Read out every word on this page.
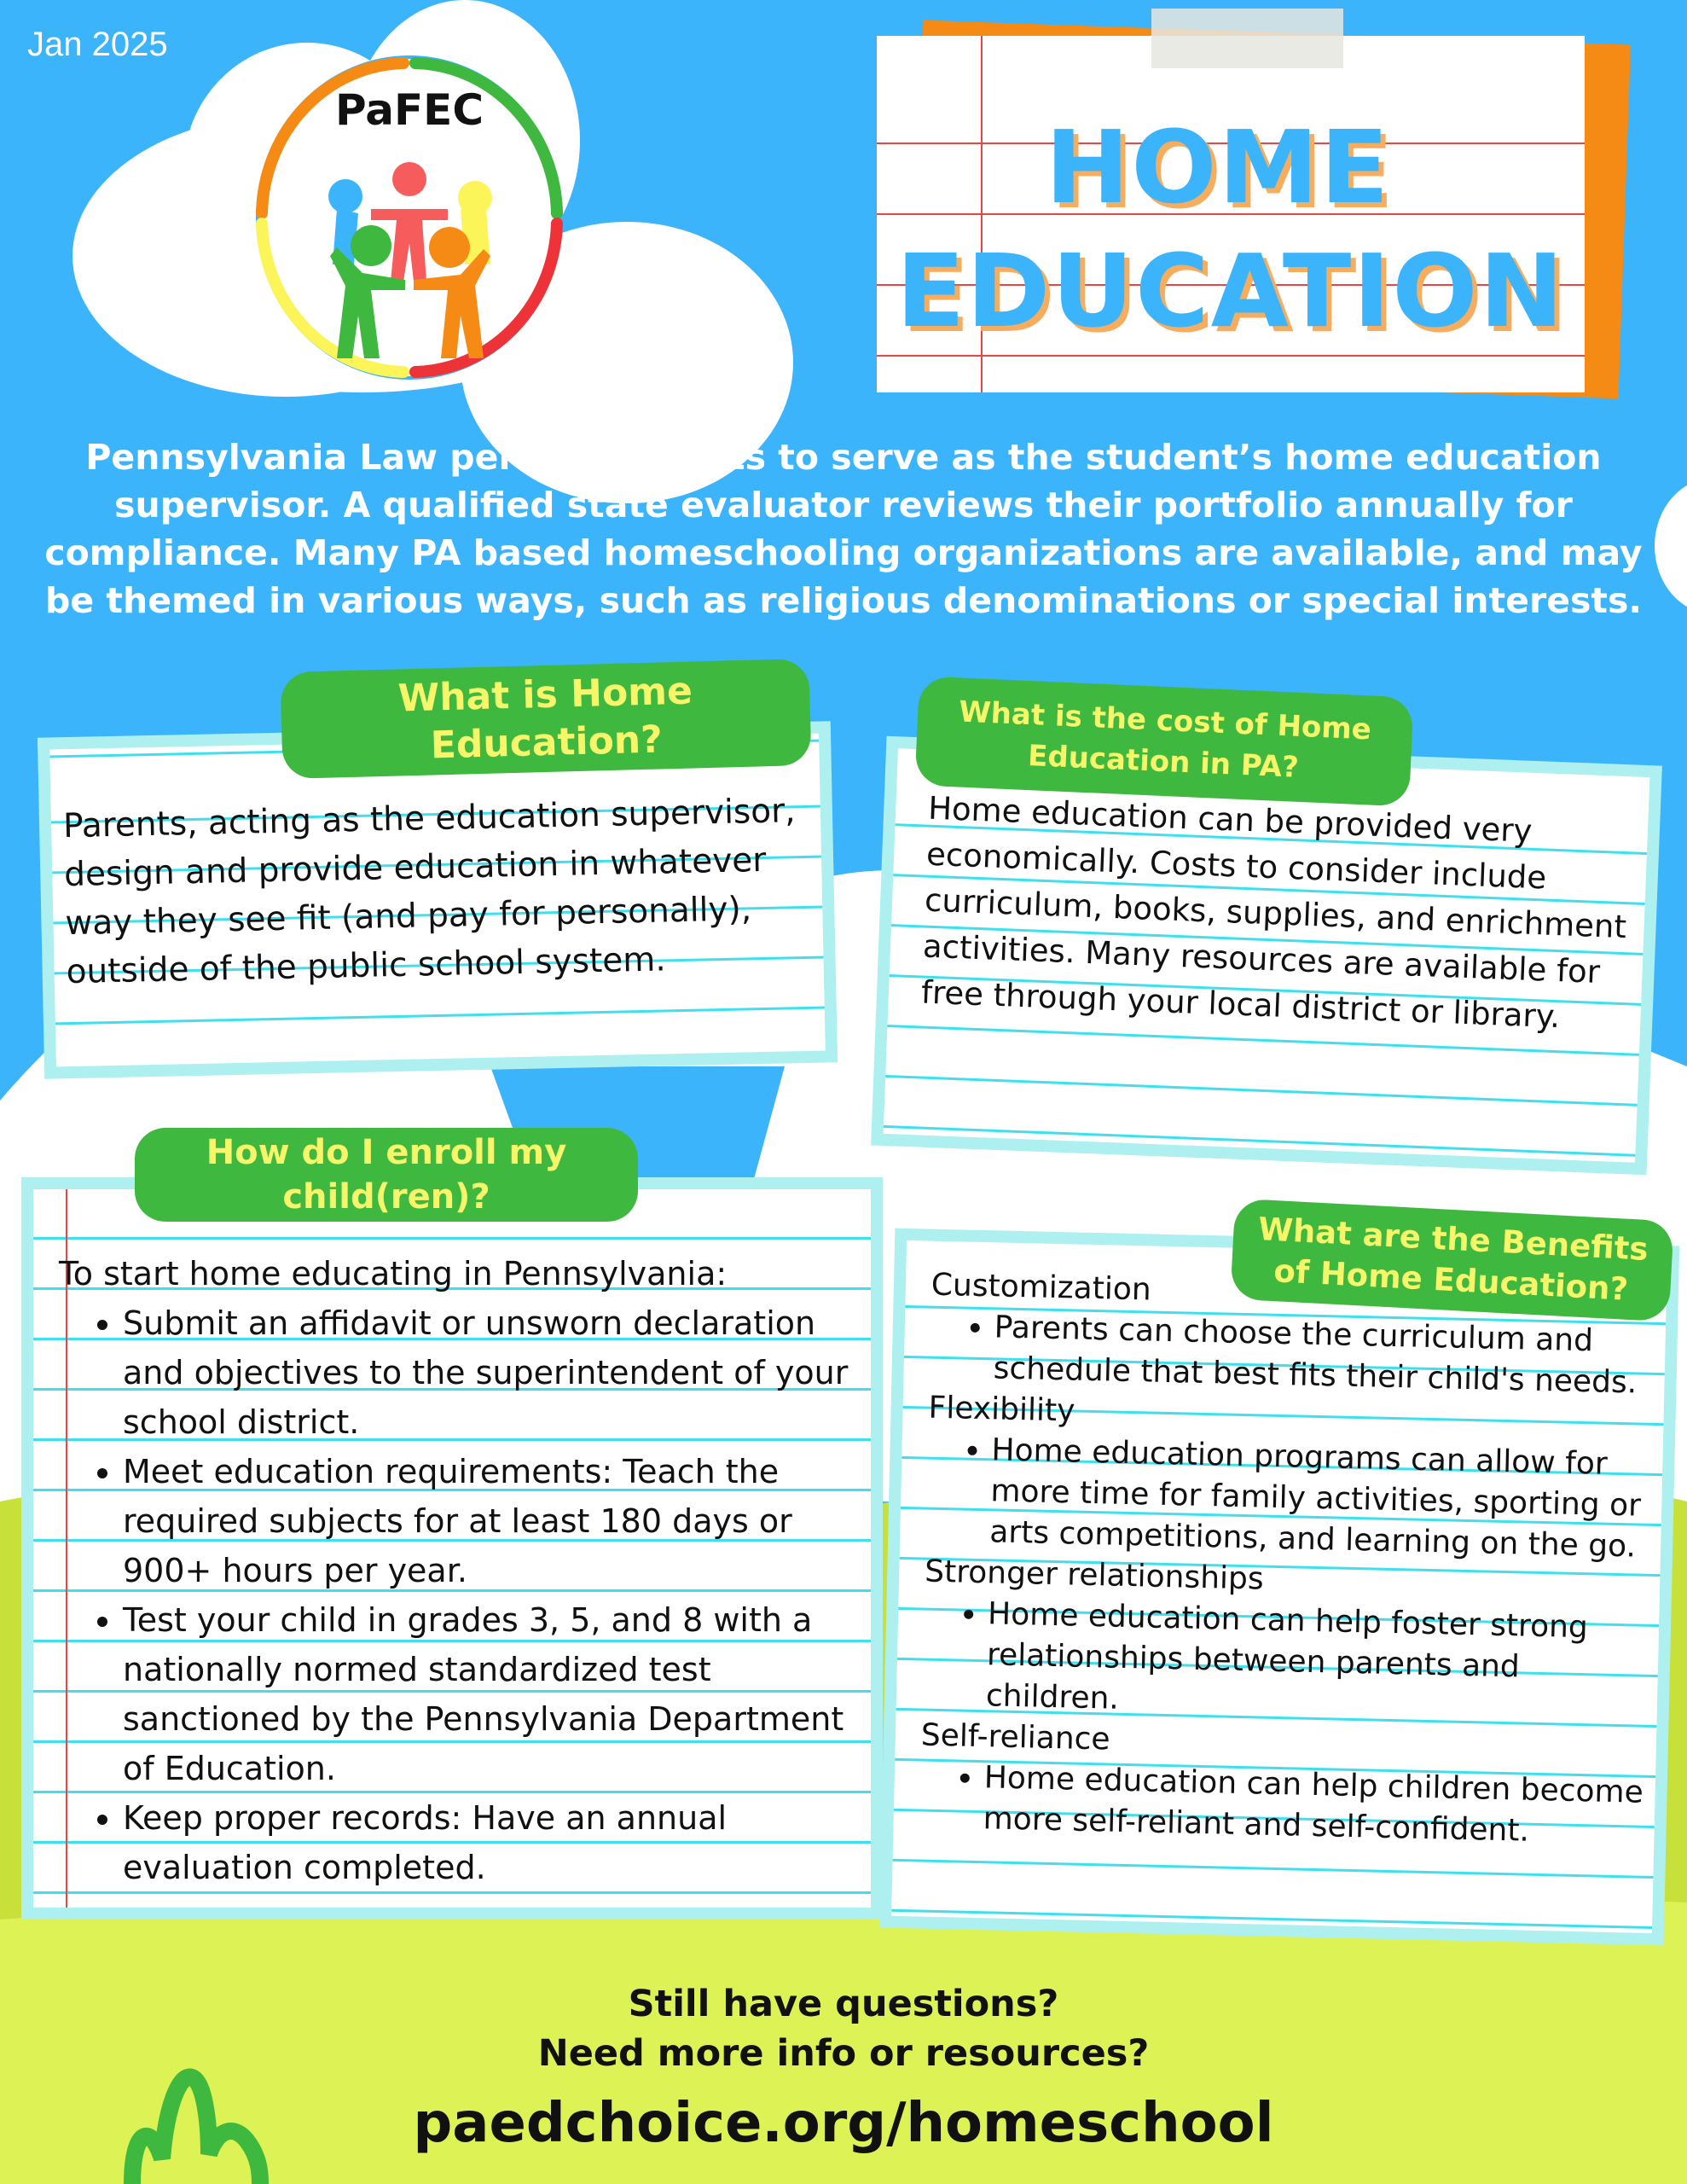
Jan 2025
PaFEC	HOME
EDUCATION
Pennsylvania Law permits parents to serve as the student’s home education supervisor. A qualified state evaluator reviews their portfolio annually for compliance. Many PA based homeschooling organizations are available, and may be themed in various ways, such as religious denominations or special interests.
Parents, acting as the education supervisor, design and provide education in whatever way they see fit (and pay for personally), outside of the public school system.
What is Home
Education?
Home education can be provided very economically. Costs to consider include curriculum, books, supplies, and enrichment activities. Many resources are available for free through your local district or library.
What is the cost of Home
Education in PA?
To start home educating in Pennsylvania:
• Submit an affidavit or unsworn declaration and objectives to the superintendent of your school district.
• Meet education requirements: Teach the required subjects for at least 180 days or 900+ hours per year.
• Test your child in grades 3, 5, and 8 with a nationally normed standardized test sanctioned by the Pennsylvania Department of Education.
• Keep proper records: Have an annual evaluation completed.
How do I enroll my
child(ren)?
Customization
• Parents can choose the curriculum and schedule that best fits their child's needs.
Flexibility
• Home education programs can allow for more time for family activities, sporting or arts competitions, and learning on the go.
Stronger relationships
• Home education can help foster strong relationships between parents and children.
Self-reliance
• Home education can help children become more self-reliant and self-confident.
What are the Benefits
of Home Education?
Still have questions?
Need more info or resources?
paedchoice.org/homeschool
